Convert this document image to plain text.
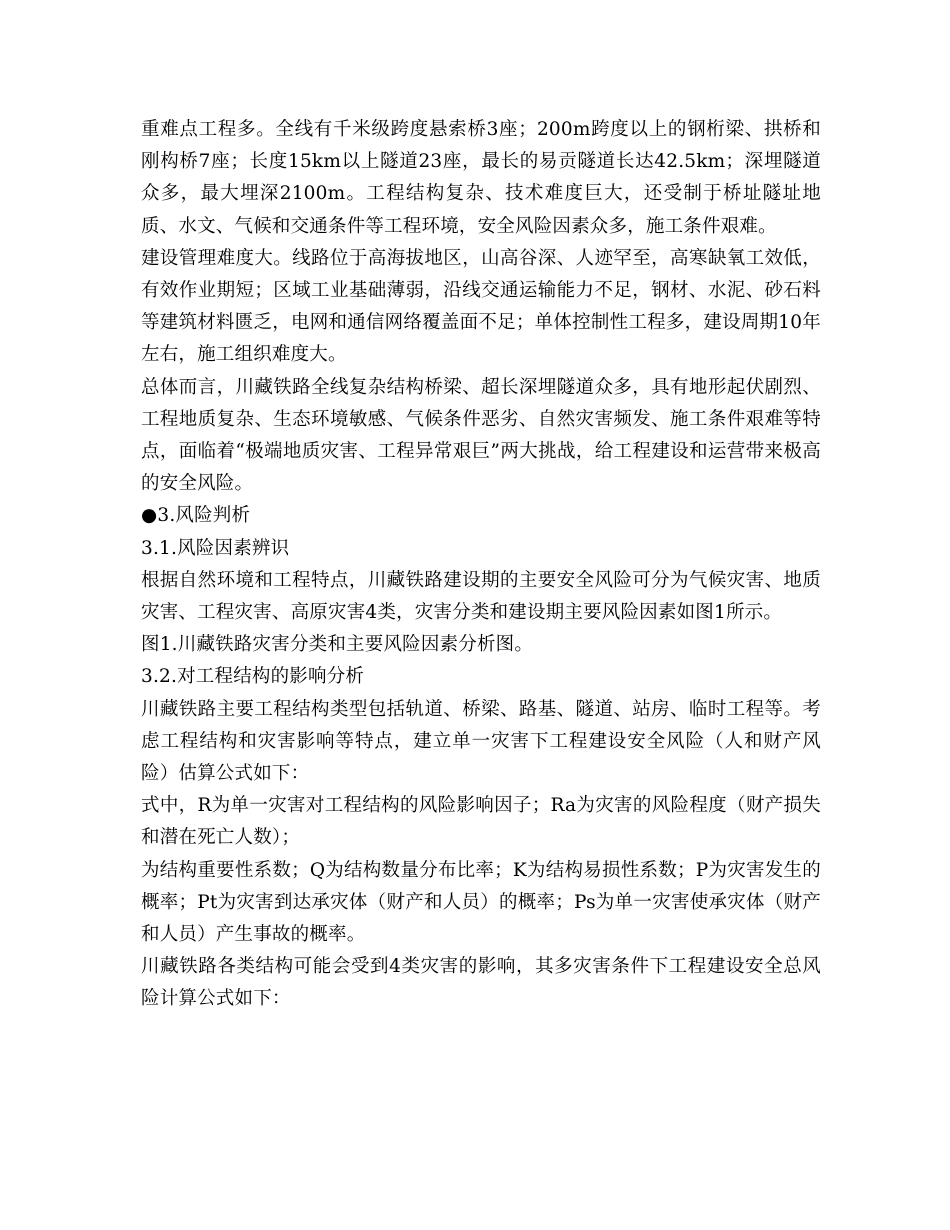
重难点工程多。全线有千米级跨度悬索桥3座；200m跨度以上的钢桁梁、拱桥和刚构桥7座；长度15km以上隧道23座，最长的易贡隧道长达42.5km；深埋隧道众多，最大埋深2100m。工程结构复杂、技术难度巨大，还受制于桥址隧址地质、水文、气候和交通条件等工程环境，安全风险因素众多，施工条件艰难。

建设管理难度大。线路位于高海拔地区，山高谷深、人迹罕至，高寒缺氧工效低，有效作业期短；区域工业基础薄弱，沿线交通运输能力不足，钢材、水泥、砂石料等建筑材料匮乏，电网和通信网络覆盖面不足；单体控制性工程多，建设周期10年左右，施工组织难度大。

总体而言，川藏铁路全线复杂结构桥梁、超长深埋隧道众多，具有地形起伏剧烈、工程地质复杂、生态环境敏感、气候条件恶劣、自然灾害频发、施工条件艰难等特点，面临着“极端地质灾害、工程异常艰巨”两大挑战，给工程建设和运营带来极高的安全风险。

●3.风险判析

3.1.风险因素辨识

根据自然环境和工程特点，川藏铁路建设期的主要安全风险可分为气候灾害、地质灾害、工程灾害、高原灾害4类，灾害分类和建设期主要风险因素如图1所示。

图1.川藏铁路灾害分类和主要风险因素分析图。

3.2.对工程结构的影响分析

川藏铁路主要工程结构类型包括轨道、桥梁、路基、隧道、站房、临时工程等。考虑工程结构和灾害影响等特点，建立单一灾害下工程建设安全风险（人和财产风险）估算公式如下：

式中，R为单一灾害对工程结构的风险影响因子；Ra为灾害的风险程度（财产损失和潜在死亡人数）；

为结构重要性系数；Q为结构数量分布比率；K为结构易损性系数；P为灾害发生的概率；Pt为灾害到达承灾体（财产和人员）的概率；Ps为单一灾害使承灾体（财产和人员）产生事故的概率。

川藏铁路各类结构可能会受到4类灾害的影响，其多灾害条件下工程建设安全总风险计算公式如下：
